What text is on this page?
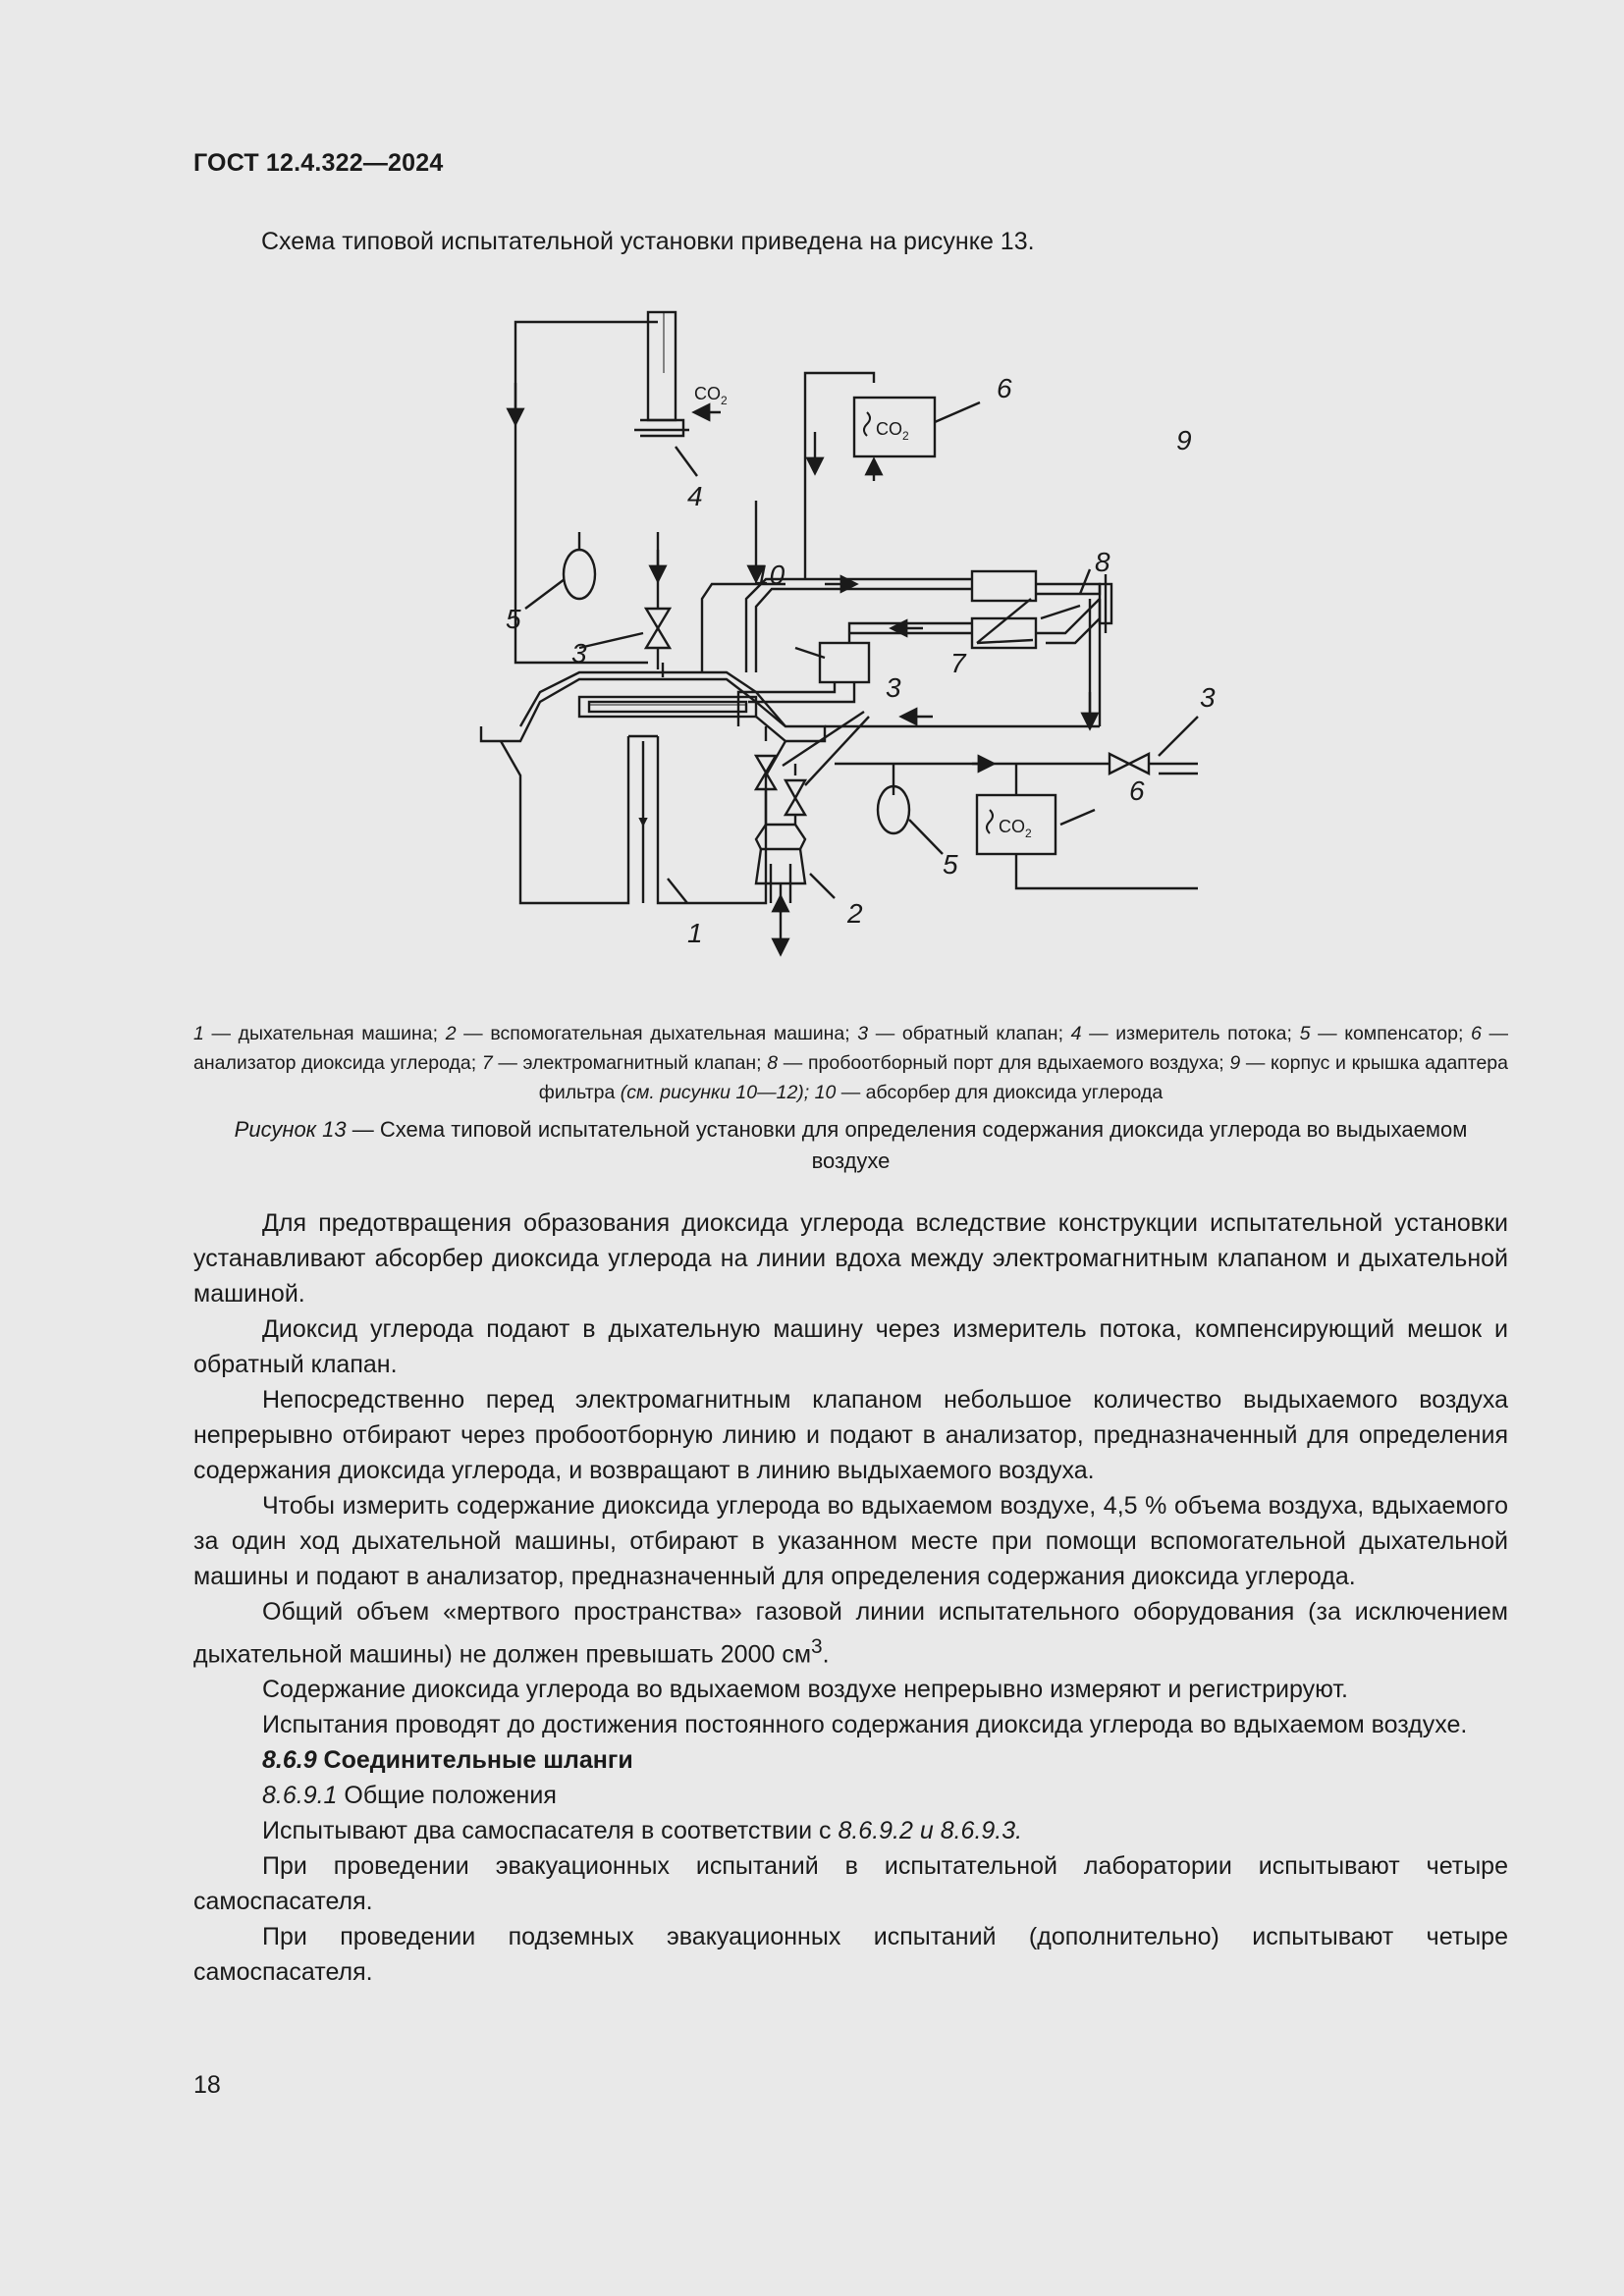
ГОСТ 12.4.322—2024
Схема типовой испытательной установки приведена на рисунке 13.
$CO_2$
$CO_2$
$CO_2$
4
6
9
8
10
5
3	7
3	3
6
5
2
1
1 — дыхательная машина; 2 — вспомогательная дыхательная машина; 3 — обратный клапан; 4 — измеритель потока; 5 — компенсатор; 6 — анализатор диоксида углерода; 7 — электромагнитный клапан; 8 — пробоотборный порт для вдыхаемого воздуха; 9 — корпус и крышка адаптера фильтра (см. рисунки 10—12); 10 — абсорбер для диоксида углерода
Рисунок 13 — Схема типовой испытательной установки для определения содержания диоксида углерода во выдыхаемом воздухе

Для предотвращения образования диоксида углерода вследствие конструкции испытательной установки устанавливают абсорбер диоксида углерода на линии вдоха между электромагнитным клапаном и дыхательной машиной.

Диоксид углерода подают в дыхательную машину через измеритель потока, компенсирующий мешок и обратный клапан.

Непосредственно перед электромагнитным клапаном небольшое количество выдыхаемого воздуха непрерывно отбирают через пробоотборную линию и подают в анализатор, предназначенный для определения содержания диоксида углерода, и возвращают в линию выдыхаемого воздуха.

Чтобы измерить содержание диоксида углерода во вдыхаемом воздухе, 4,5 % объема воздуха, вдыхаемого за один ход дыхательной машины, отбирают в указанном месте при помощи вспомогательной дыхательной машины и подают в анализатор, предназначенный для определения содержания диоксида углерода.

Общий объем «мертвого пространства» газовой линии испытательного оборудования (за исключением дыхательной машины) не должен превышать 2000 $см^3$.

Содержание диоксида углерода во вдыхаемом воздухе непрерывно измеряют и регистрируют.

Испытания проводят до достижения постоянного содержания диоксида углерода во вдыхаемом воздухе.

8.6.9 Соединительные шланги

8.6.9.1 Общие положения

Испытывают два самоспасателя в соответствии с 8.6.9.2 и 8.6.9.3.

При проведении эвакуационных испытаний в испытательной лаборатории испытывают четыре самоспасателя.

При проведении подземных эвакуационных испытаний (дополнительно) испытывают четыре самоспасателя.

18
